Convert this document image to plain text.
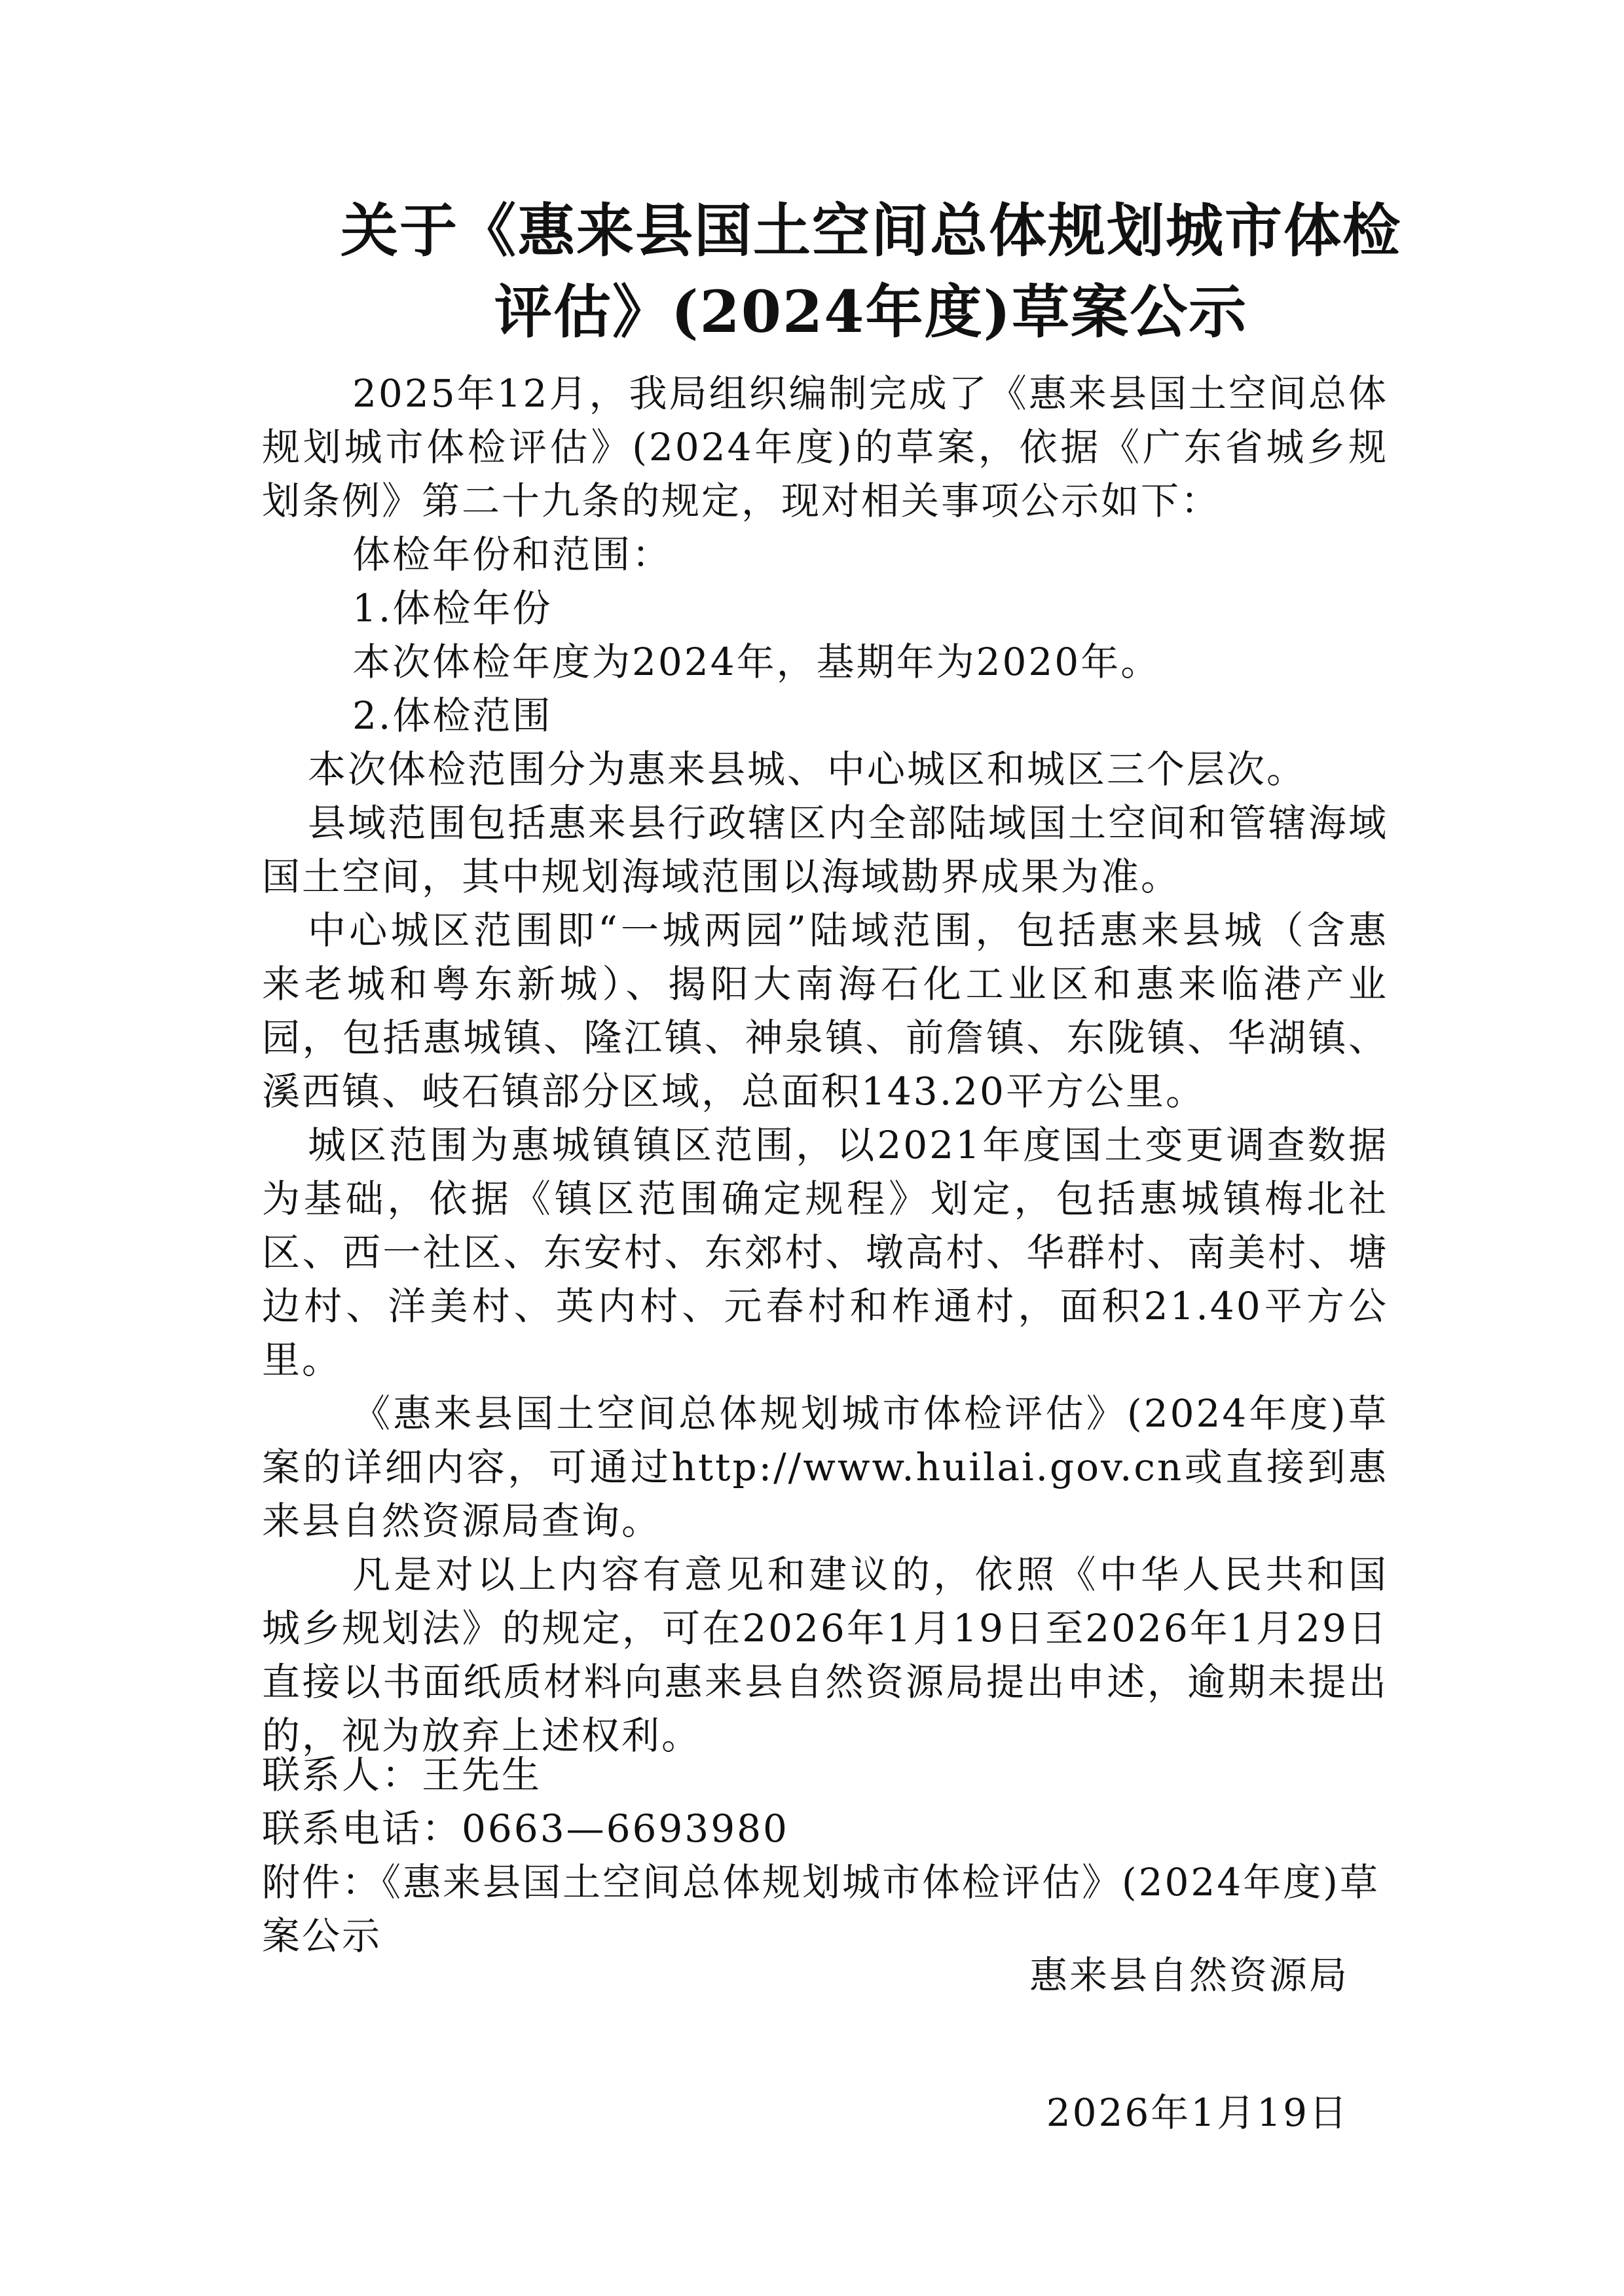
关于《惠来县国土空间总体规划城市体检评估》(2024年度)草案公示

2025年12月，我局组织编制完成了《惠来县国土空间总体规划城市体检评估》(2024年度)的草案，依据《广东省城乡规划条例》第二十九条的规定，现对相关事项公示如下：

体检年份和范围：

1.体检年份

本次体检年度为2024年，基期年为2020年。

2.体检范围

本次体检范围分为惠来县城、中心城区和城区三个层次。

县域范围包括惠来县行政辖区内全部陆域国土空间和管辖海域国土空间，其中规划海域范围以海域勘界成果为准。

中心城区范围即“一城两园”陆域范围，包括惠来县城（含惠来老城和粤东新城）、揭阳大南海石化工业区和惠来临港产业园，包括惠城镇、隆江镇、神泉镇、前詹镇、东陇镇、华湖镇、溪西镇、岐石镇部分区域，总面积143.20平方公里。

城区范围为惠城镇镇区范围，以2021年度国土变更调查数据为基础，依据《镇区范围确定规程》划定，包括惠城镇梅北社区、西一社区、东安村、东郊村、墩高村、华群村、南美村、塘边村、洋美村、英内村、元春村和柞通村，面积21.40平方公里。

《惠来县国土空间总体规划城市体检评估》(2024年度)草案的详细内容，可通过http://www.huilai.gov.cn或直接到惠来县自然资源局查询。

凡是对以上内容有意见和建议的，依照《中华人民共和国城乡规划法》的规定，可在2026年1月19日至2026年1月29日直接以书面纸质材料向惠来县自然资源局提出申述，逾期未提出的，视为放弃上述权利。

联系人：王先生

联系电话：0663—6693980

附件：《惠来县国土空间总体规划城市体检评估》(2024年度)草案公示

惠来县自然资源局
2026年1月19日
